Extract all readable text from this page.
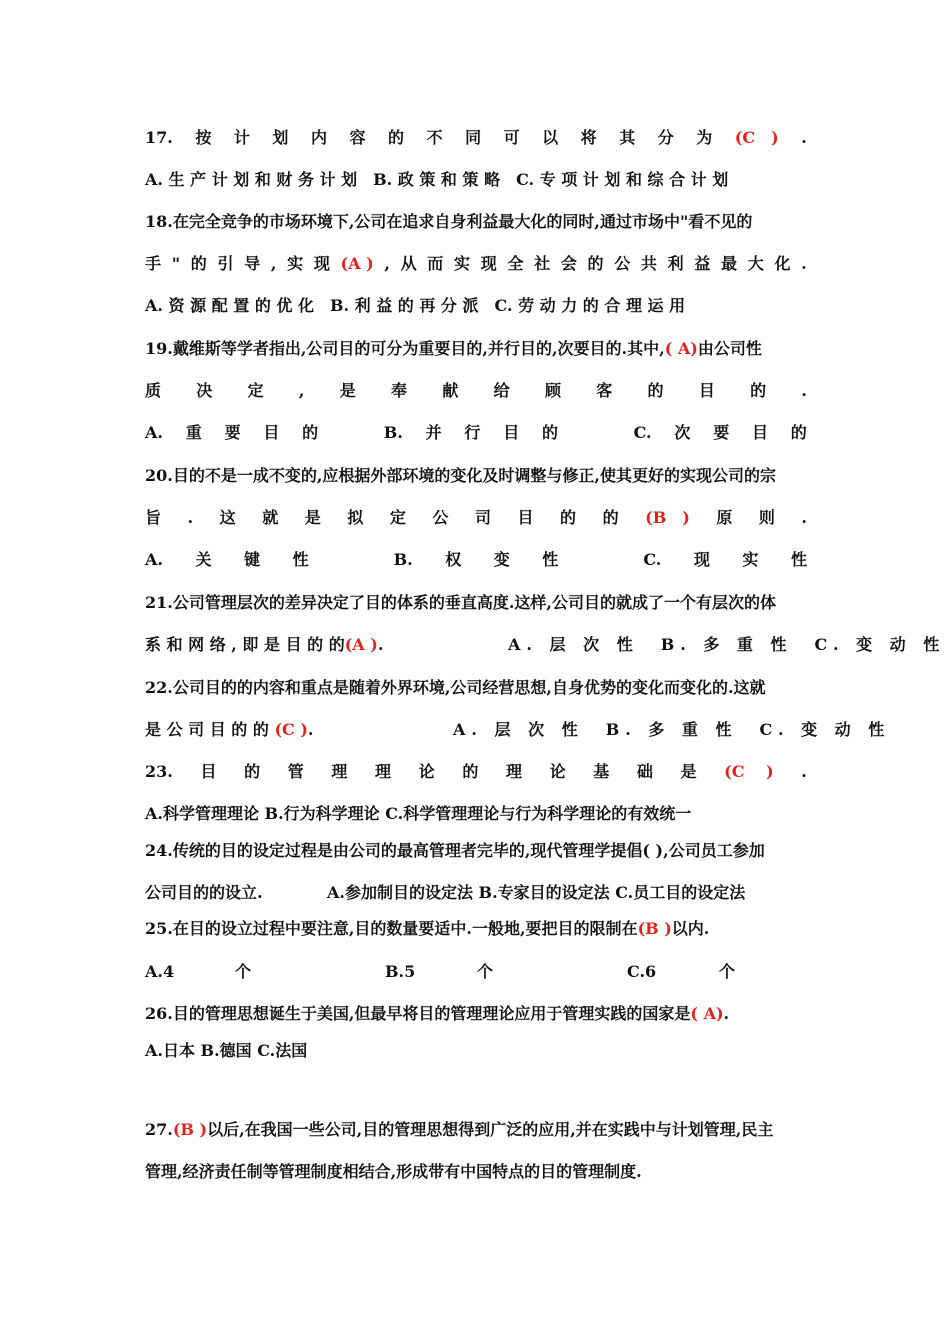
17. 按 计 划 内 容 的 不 同 可 以 将 其 分 为 (C　) .
A. 生 产 计 划 和 财 务 计 划　B. 政 策 和 策 略　C. 专 项 计 划 和 综 合 计 划
18.在完全竞争的市场环境下,公司在追求自身利益最大化的同时,通过市场中"看不见的
手 " 的 引 导 , 实 现 (A ) , 从 而 实 现 全 社 会 的 公 共 利 益 最 大 化 .
A. 资 源 配 置 的 优 化　B. 利 益 的 再 分 派　C. 劳 动 力 的 合 理 运 用
19.戴维斯等学者指出,公司目的可分为重要目的,并行目的,次要目的.其中,( A)由公司性
质 决 定 , 是 奉 献 给 顾 客 的 目 的 .
A. 重 要 目 的	B. 并 行 目 的	C. 次 要 目 的
20.目的不是一成不变的,应根据外部环境的变化及时调整与修正,使其更好的实现公司的宗
旨 . 这 就 是 拟 定 公 司 目 的 的 (B　) 原 则 .
A. 关 键 性	B. 权 变 性	C. 现 实 性
21.公司管理层次的差异决定了目的体系的垂直高度.这样,公司目的就成了一个有层次的体
系 和 网 络 , 即 是 目 的 的(A ).	A. 层 次 性　B. 多 重 性　C. 变 动 性
22.公司目的的内容和重点是随着外界环境,公司经营思想,自身优势的变化而变化的.这就
是 公 司 目 的 的 (C ).	A. 层 次 性　B. 多 重 性　C. 变 动 性
23. 目 的 管 理 理 论 的 理 论 基 础 是 (C　 ) .
A.科学管理理论 B.行为科学理论 C.科学管理理论与行为科学理论的有效统一
24.传统的目的设定过程是由公司的最高管理者完毕的,现代管理学提倡( ),公司员工参加
公司目的的设立.	A.参加制目的设定法 B.专家目的设定法 C.员工目的设定法
25.在目的设立过程中要注意,目的数量要适中.一般地,要把目的限制在(B )以内.
A.4	个	B.5	个	C.6	个
26.目的管理思想诞生于美国,但最早将目的管理理论应用于管理实践的国家是( A).
A.日本 B.德国 C.法国
27.(B )以后,在我国一些公司,目的管理思想得到广泛的应用,并在实践中与计划管理,民主
管理,经济责任制等管理制度相结合,形成带有中国特点的目的管理制度.
